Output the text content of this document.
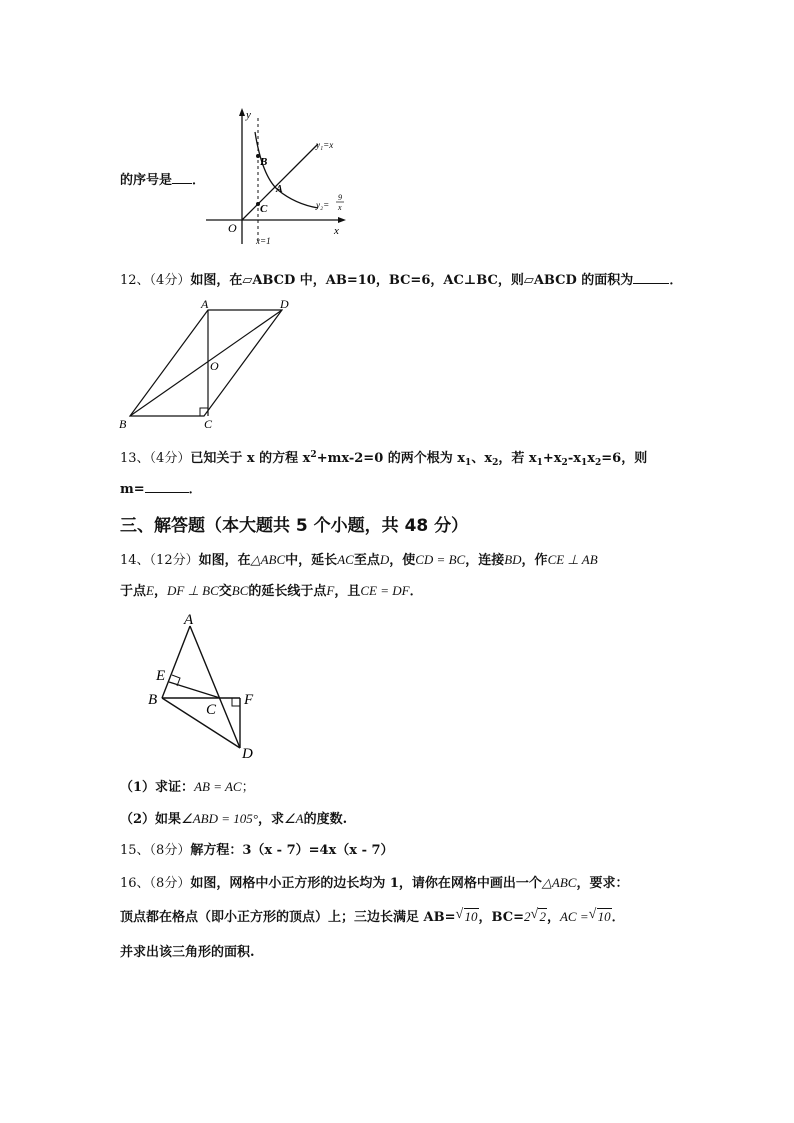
的序号是 ．
y
x
O
B
A
C
y₁=x
y₂=
9
x
x=1
12、（4分）如图，在▱ABCD 中，AB=10，BC=6，AC⊥BC，则▱ABCD 的面积为	．
A	D
O
B	C
13、（4分）已知关于 x 的方程 $x^2+mx-2=0$ 的两个根为 $x_1$、$x_2$，若 $x_1+x_2-x_1x_2=6$，则
m=	．
三、解答题（本大题共 5 个小题，共 48 分）
14、（12分）如图，在△ABC中，延长AC至点D，使CD = BC，连接BD，作CE ⊥ AB
于点E，DF ⊥ BC交BC的延长线于点F，且CE = DF．
A
E
B
C
F
D
（1）求证：AB = AC；
（2）如果∠ABD = 105°，求∠A的度数.
15、（8分）解方程：3（x - 7）=4x（x - 7）
16、（8分）如图，网格中小正方形的边长均为 1，请你在网格中画出一个△ABC，要求：
顶点都在格点（即小正方形的顶点）上；三边长满足 AB= √ 10，BC=2 √ 2，AC = √ 10．
并求出该三角形的面积.
